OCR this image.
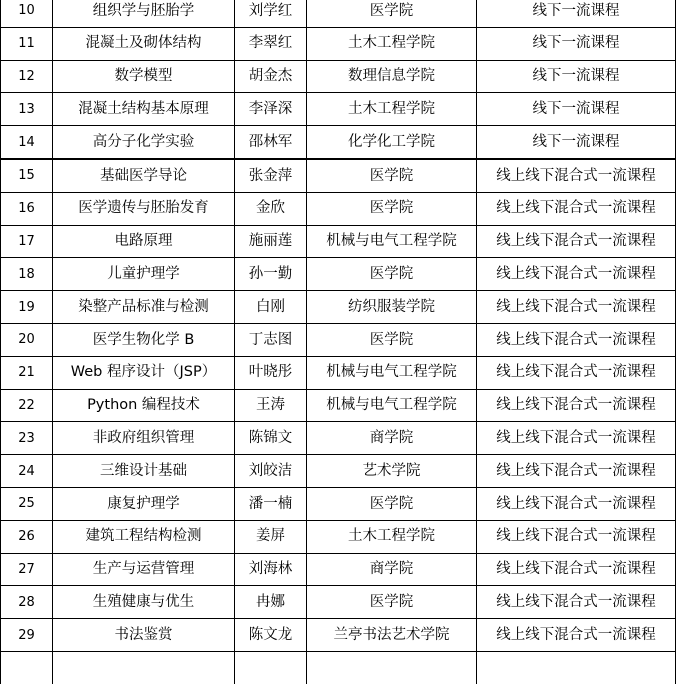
10	组织学与胚胎学	刘学红	医学院	线下一流课程
11	混凝土及砌体结构	李翠红	土木工程学院	线下一流课程
12	数学模型	胡金杰	数理信息学院	线下一流课程
13	混凝土结构基本原理	李泽深	土木工程学院	线下一流课程
14	高分子化学实验	邵林军	化学化工学院	线下一流课程
15	基础医学导论	张金萍	医学院	线上线下混合式一流课程
16	医学遗传与胚胎发育	金欣	医学院	线上线下混合式一流课程
17	电路原理	施丽莲	机械与电气工程学院	线上线下混合式一流课程
18	儿童护理学	孙一勤	医学院	线上线下混合式一流课程
19	染整产品标准与检测	白刚	纺织服装学院	线上线下混合式一流课程
20	医学生物化学 B	丁志图	医学院	线上线下混合式一流课程
21	Web 程序设计（JSP）	叶晓彤	机械与电气工程学院	线上线下混合式一流课程
22	Python 编程技术	王涛	机械与电气工程学院	线上线下混合式一流课程
23	非政府组织管理	陈锦文	商学院	线上线下混合式一流课程
24	三维设计基础	刘皎洁	艺术学院	线上线下混合式一流课程
25	康复护理学	潘一楠	医学院	线上线下混合式一流课程
26	建筑工程结构检测	姜屏	土木工程学院	线上线下混合式一流课程
27	生产与运营管理	刘海林	商学院	线上线下混合式一流课程
28	生殖健康与优生	冉娜	医学院	线上线下混合式一流课程
29	书法鉴赏	陈文龙	兰亭书法艺术学院	线上线下混合式一流课程
